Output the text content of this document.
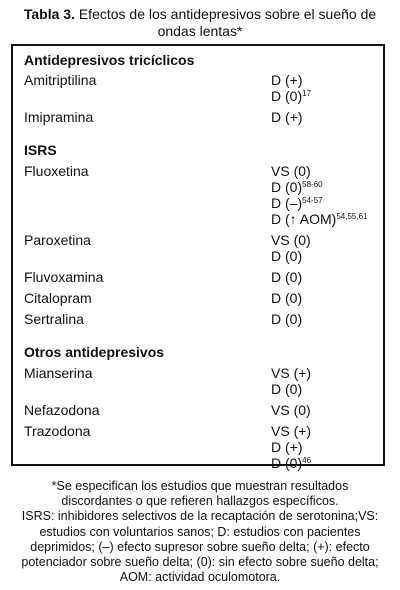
Tabla 3. Efectos de los antidepresivos sobre el sueño de ondas lentas*
Antidepresivos tricíclicos
Amitriptilina	D (+)
D $(0)^{17}$
Imipramina	D (+)
ISRS
Fluoxetina	VS (0)
D $(0)^{58-60}$
D $(-)^{54-57}$
D (↑ AOM)$^{54,55,61}$
Paroxetina	VS (0)
D (0)
Fluvoxamina	D (0)
Citalopram	D (0)
Sertralina	D (0)
Otros antidepresivos
Mianserina	VS (+)
D (0)
Nefazodona	VS (0)
Trazodona	VS (+)
D (+)
D $(0)^{46}$
*Se especifican los estudios que muestran resultados
discordantes o que refieren hallazgos específicos.
ISRS: inhibidores selectivos de la recaptación de serotonina;VS:
estudios con voluntarios sanos; D: estudios con pacientes
deprimidos; (–) efecto supresor sobre sueño delta; (+): efecto
potenciador sobre sueño delta; (0): sin efecto sobre sueño delta;
AOM: actividad oculomotora.
